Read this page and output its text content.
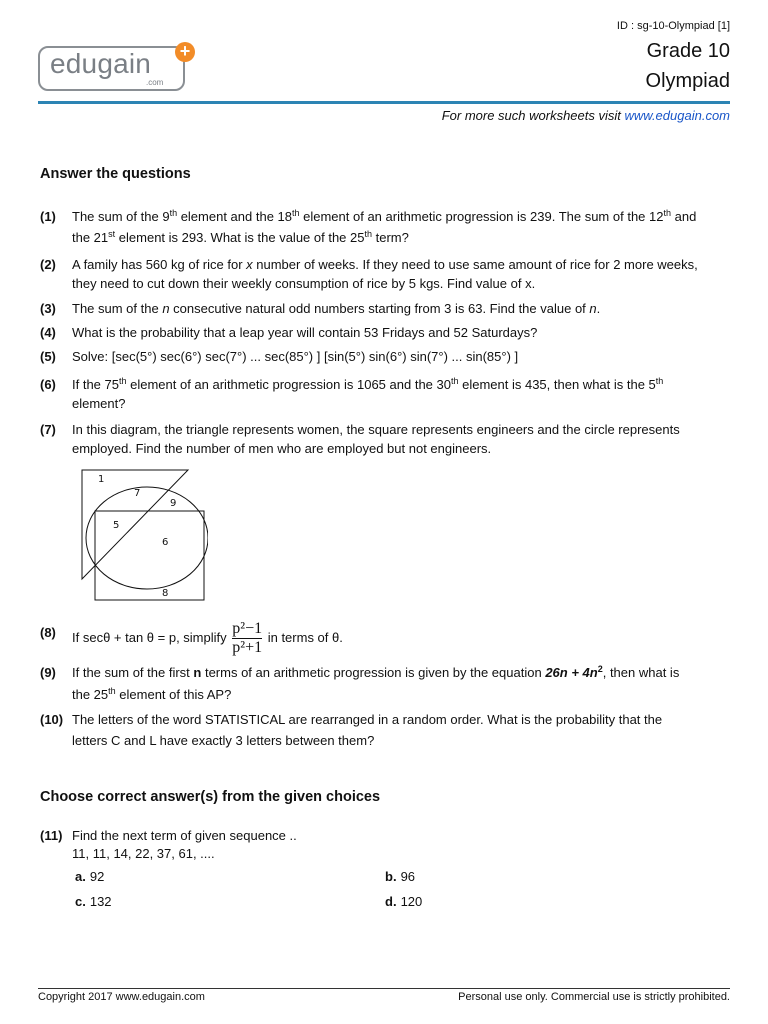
edugain
.com
+
ID : sg-10-Olympiad [1]
Grade 10
Olympiad
For more such worksheets visit www.edugain.com
Answer the questions
(1) The sum of the 9th element and the 18th element of an arithmetic progression is 239. The sum of the 12th and the 21st element is 293. What is the value of the 25th term?
(2) A family has 560 kg of rice for x number of weeks. If they need to use same amount of rice for 2 more weeks, they need to cut down their weekly consumption of rice by 5 kgs. Find value of x.
(3) The sum of the n consecutive natural odd numbers starting from 3 is 63. Find the value of n.
(4) What is the probability that a leap year will contain 53 Fridays and 52 Saturdays?
(5) Solve: [sec(5°) sec(6°) sec(7°) ... sec(85°) ] [sin(5°) sin(6°) sin(7°) ... sin(85°) ]
(6) If the 75th element of an arithmetic progression is 1065 and the 30th element is 435, then what is the 5th element?
(7) In this diagram, the triangle represents women, the square represents engineers and the circle represents employed. Find the number of men who are employed but not engineers.
1
7
9
5
6
8
(8) If secθ + tan θ = p, simplify $\frac{\text{p²−1}}{\text{p²+1}}$ in terms of θ.
(9) If the sum of the first n terms of an arithmetic progression is given by the equation $26n + 4n^2$, then what is the 25th element of this AP?
(10) The letters of the word STATISTICAL are rearranged in a random order. What is the probability that the letters C and L have exactly 3 letters between them?
Choose correct answer(s) from the given choices
(11) Find the next term of given sequence ..
11, 11, 14, 22, 37, 61, ....
a. 92	b. 96
c. 132	d. 120
Copyright 2017 www.edugain.com	Personal use only. Commercial use is strictly prohibited.
